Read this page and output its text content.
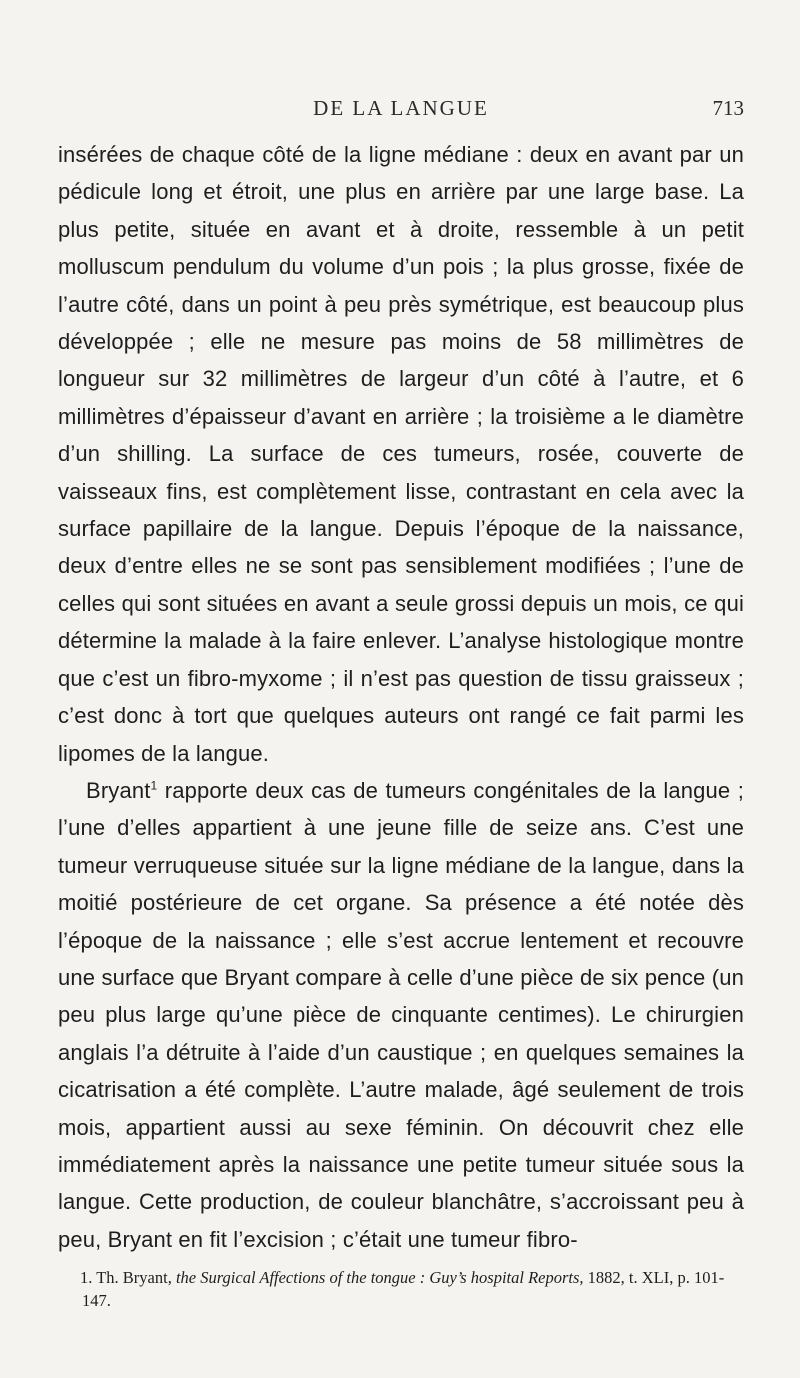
DE LA LANGUE	713

insérées de chaque côté de la ligne médiane : deux en avant par un pédicule long et étroit, une plus en arrière par une large base. La plus petite, située en avant et à droite, ressemble à un petit molluscum pendulum du volume d’un pois ; la plus grosse, fixée de l’autre côté, dans un point à peu près symétrique, est beaucoup plus développée ; elle ne mesure pas moins de 58 millimètres de longueur sur 32 millimètres de largeur d’un côté à l’autre, et 6 millimètres d’épaisseur d’avant en arrière ; la troisième a le diamètre d’un shilling. La surface de ces tumeurs, rosée, couverte de vaisseaux fins, est complètement lisse, contrastant en cela avec la surface papillaire de la langue. Depuis l’époque de la naissance, deux d’entre elles ne se sont pas sensiblement modifiées ; l’une de celles qui sont situées en avant a seule grossi depuis un mois, ce qui détermine la malade à la faire enlever. L’analyse histologique montre que c’est un fibro-myxome ; il n’est pas question de tissu graisseux ; c’est donc à tort que quelques auteurs ont rangé ce fait parmi les lipomes de la langue.

Bryant$^1$ rapporte deux cas de tumeurs congénitales de la langue ; l’une d’elles appartient à une jeune fille de seize ans. C’est une tumeur verruqueuse située sur la ligne médiane de la langue, dans la moitié postérieure de cet organe. Sa présence a été notée dès l’époque de la naissance ; elle s’est accrue lentement et recouvre une surface que Bryant compare à celle d’une pièce de six pence (un peu plus large qu’une pièce de cinquante centimes). Le chirurgien anglais l’a détruite à l’aide d’un caustique ; en quelques semaines la cicatrisation a été complète. L’autre malade, âgé seulement de trois mois, appartient aussi au sexe féminin. On découvrit chez elle immédiatement après la naissance une petite tumeur située sous la langue. Cette production, de couleur blanchâtre, s’accroissant peu à peu, Bryant en fit l’excision ; c’était une tumeur fibro-

1. Th. Bryant, the Surgical Affections of the tongue : Guy’s hospital Reports, 1882, t. XLI, p. 101-147.
